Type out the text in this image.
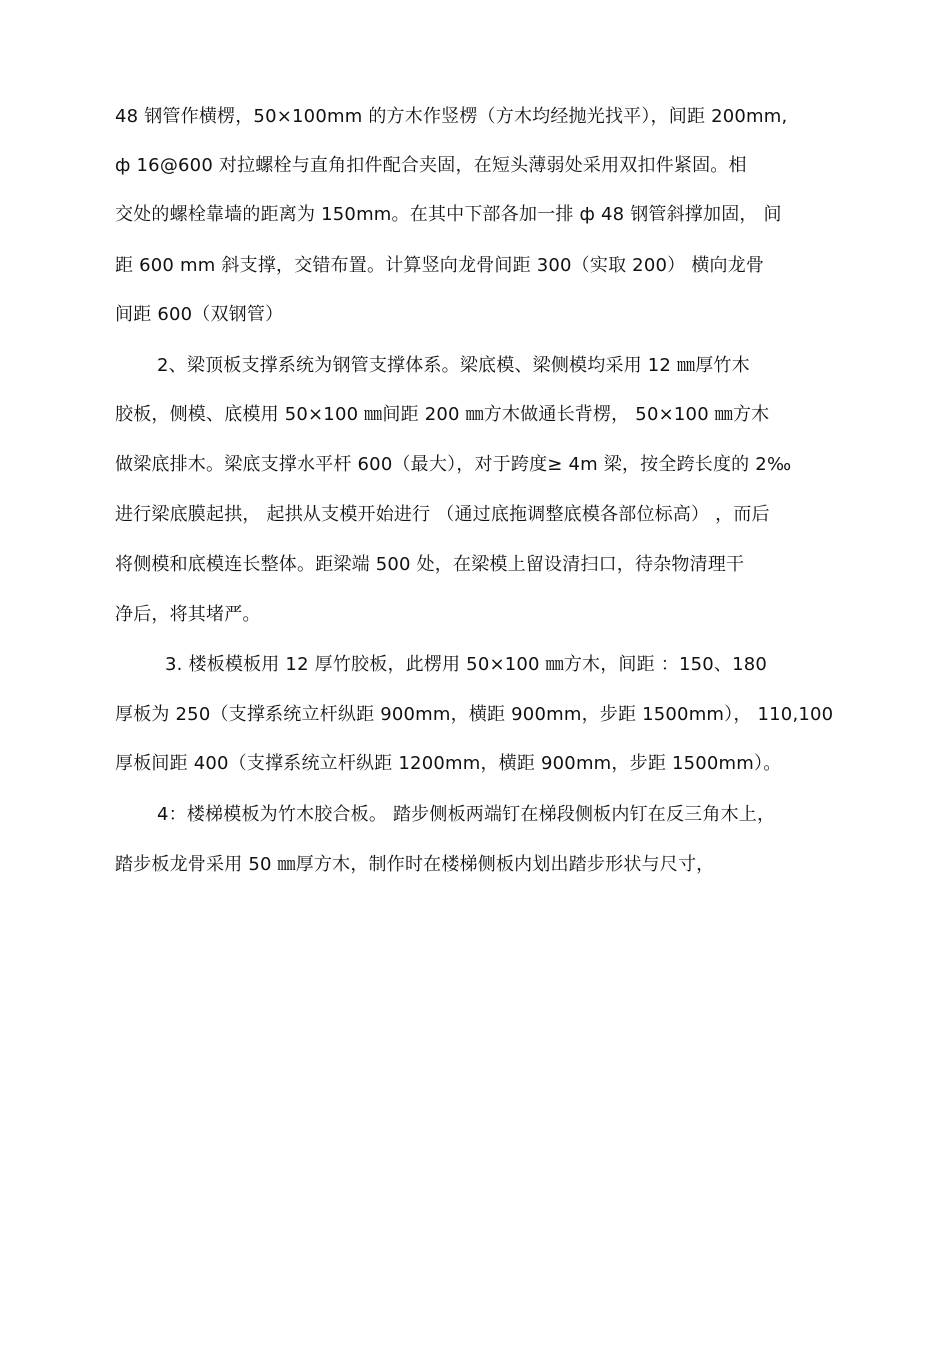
48 钢管作横楞，50×100mm 的方木作竖楞（方木均经抛光找平），间距 200mm,
ф 16@600 对拉螺栓与直角扣件配合夹固，在短头薄弱处采用双扣件紧固。相
交处的螺栓靠墙的距离为 150mm。在其中下部各加一排 ф 48 钢管斜撑加固， 间
距 600 mm 斜支撑，交错布置。计算竖向龙骨间距 300（实取 200） 横向龙骨
间距 600（双钢管）
2、梁顶板支撑系统为钢管支撑体系。梁底模、梁侧模均采用 12 ㎜厚竹木
胶板，侧模、底模用 50×100 ㎜间距 200 ㎜方木做通长背楞， 50×100 ㎜方木
做梁底排木。梁底支撑水平杆 600（最大），对于跨度≥ 4m 梁，按全跨长度的 2‰
进行梁底膜起拱， 起拱从支模开始进行 （通过底拖调整底模各部位标高） ，而后
将侧模和底模连长整体。距梁端 500 处，在梁模上留设清扫口，待杂物清理干
净后，将其堵严。
3. 楼板模板用 12 厚竹胶板，此楞用 50×100 ㎜方木，间距 ：150、180
厚板为 250（支撑系统立杆纵距 900mm，横距 900mm，步距 1500mm）， 110,100
厚板间距 400（支撑系统立杆纵距 1200mm，横距 900mm，步距 1500mm）。
4：楼梯模板为竹木胶合板。 踏步侧板两端钉在梯段侧板内钉在反三角木上，
踏步板龙骨采用 50 ㎜厚方木，制作时在楼梯侧板内划出踏步形状与尺寸，
